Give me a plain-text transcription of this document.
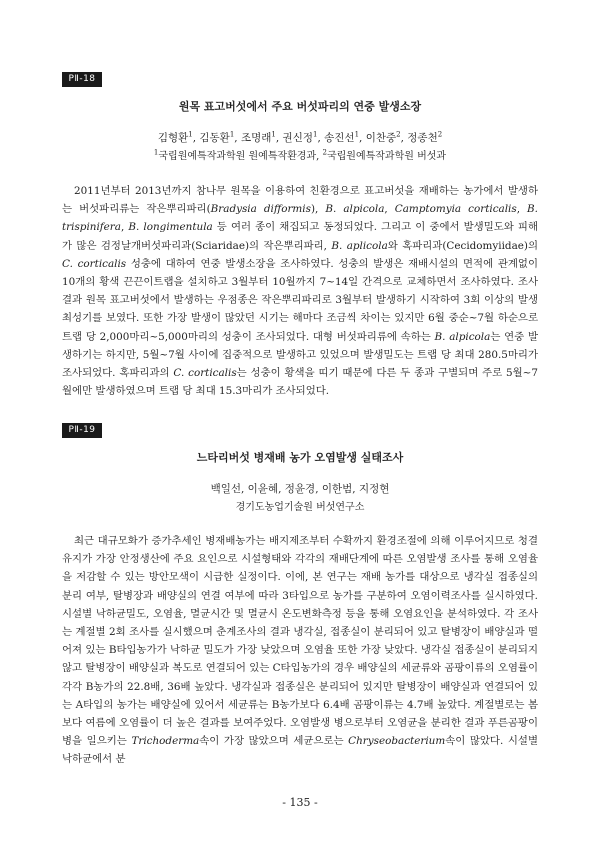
PⅡ-18
원목 표고버섯에서 주요 버섯파리의 연중 발생소장
김형환$^1$, 김동환$^1$, 조명래$^1$, 권신정$^1$, 송진선$^1$, 이찬중$^2$, 정종천$^2$
$^1$국립원예특작과학원 원예특작환경과, $^2$국립원예특작과학원 버섯과

2011년부터 2013년까지 참나무 원목을 이용하여 친환경으로 표고버섯을 재배하는 농가에서 발생하는 버섯파리류는 작은뿌리파리(Bradysia difformis), B. alpicola, Camptomyia corticalis, B. trispinifera, B. longimentula 등 여러 종이 채집되고 동정되었다. 그리고 이 중에서 발생밀도와 피해가 많은 검정날개버섯파리과(Sciaridae)의 작은뿌리파리, B. aplicola와 혹파리과(Cecidomyiidae)의 C. corticalis 성충에 대하여 연중 발생소장을 조사하였다. 성충의 발생은 재배시설의 면적에 관계없이 10개의 황색 끈끈이트랩을 설치하고 3월부터 10월까지 7~14일 간격으로 교체하면서 조사하였다. 조사 결과 원목 표고버섯에서 발생하는 우점종은 작은뿌리파리로 3월부터 발생하기 시작하여 3회 이상의 발생최성기를 보였다. 또한 가장 발생이 많았던 시기는 해마다 조금씩 차이는 있지만 6월 중순~7월 하순으로 트랩 당 2,000마리~5,000마리의 성충이 조사되었다. 대형 버섯파리류에 속하는 B. alpicola는 연중 발생하기는 하지만, 5월~7월 사이에 집중적으로 발생하고 있었으며 발생밀도는 트랩 당 최대 280.5마리가 조사되었다. 혹파리과의 C. corticalis는 성충이 황색을 띠기 때문에 다른 두 종과 구별되며 주로 5월~7월에만 발생하였으며 트랩 당 최대 15.3마리가 조사되었다.

PⅡ-19
느타리버섯 병재배 농가 오염발생 실태조사
백일선, 이윤혜, 정윤경, 이한범, 지정현
경기도농업기술원 버섯연구소

최근 대규모화가 증가추세인 병재배농가는 배지제조부터 수확까지 환경조절에 의해 이루어지므로 청결유지가 가장 안정생산에 주요 요인으로 시설형태와 각각의 재배단계에 따른 오염발생 조사를 통해 오염율을 저감할 수 있는 방안모색이 시급한 실정이다. 이에, 본 연구는 재배 농가를 대상으로 냉각실 접종실의 분리 여부, 탈병장과 배양실의 연결 여부에 따라 3타입으로 농가를 구분하여 오염이력조사를 실시하였다. 시설별 낙하균밀도, 오염율, 멸균시간 및 멸균시 온도변화측정 등을 통해 오염요인을 분석하였다. 각 조사는 계절별 2회 조사를 실시했으며 춘계조사의 결과 냉각실, 접종실이 분리되어 있고 탈병장이 배양실과 떨어져 있는 B타입농가가 낙하균 밀도가 가장 낮았으며 오염율 또한 가장 낮았다. 냉각실 접종실이 분리되지 않고 탈병장이 배양실과 복도로 연결되어 있는 C타입농가의 경우 배양실의 세균류와 곰팡이류의 오염률이 각각 B농가의 22.8배, 36배 높았다. 냉각실과 접종실은 분리되어 있지만 탈병장이 배양실과 연결되어 있는 A타입의 농가는 배양실에 있어서 세균류는 B농가보다 6.4배 곰팡이류는 4.7배 높았다. 계절별로는 봄보다 여름에 오염률이 더 높은 결과를 보여주었다. 오염발생 병으로부터 오염균을 분리한 결과 푸른곰팡이병을 일으키는 Trichoderma속이 가장 많았으며 세균으로는 Chryseobacterium속이 많았다. 시설별 낙하균에서 분

- 135 -
